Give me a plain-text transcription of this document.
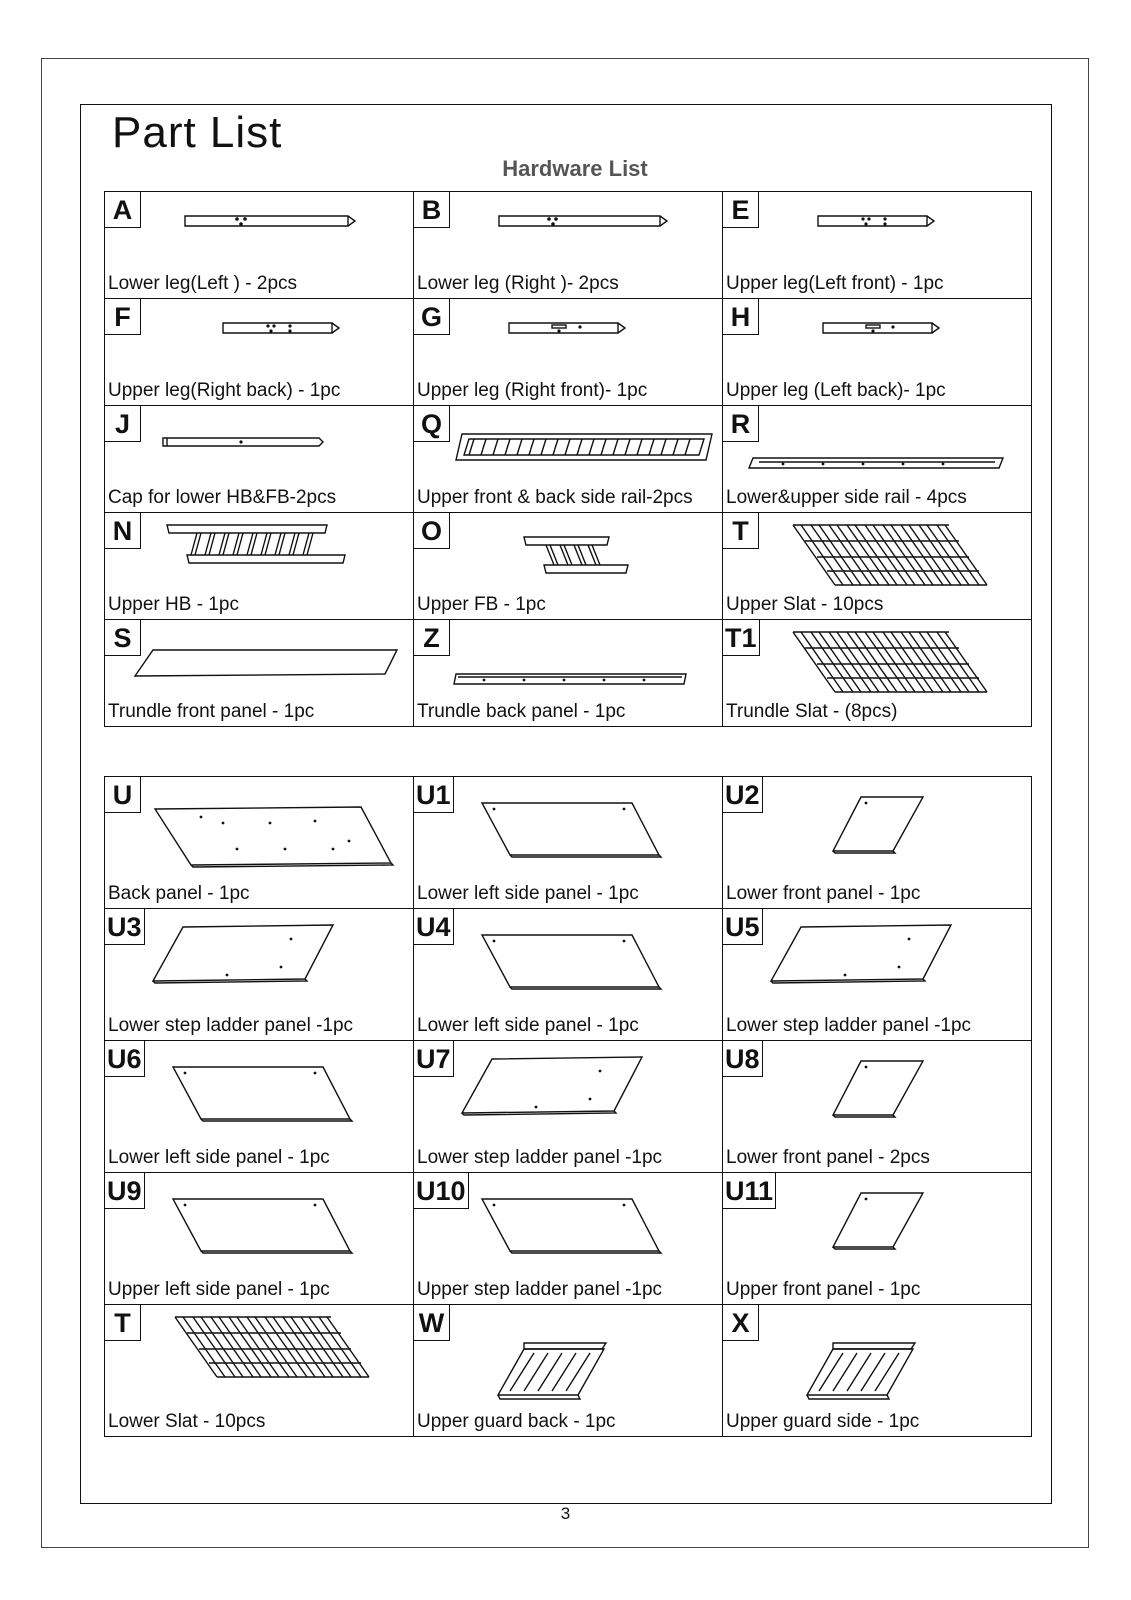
Part List
Hardware List
A
Lower leg(Left ) - 2pcs
B
Lower leg (Right )- 2pcs
E
Upper leg(Left front) - 1pc
F
Upper leg(Right back) - 1pc
G
Upper leg (Right front)- 1pc
H
Upper leg (Left back)- 1pc
J
Cap for lower HB&FB-2pcs
Q
Upper front & back side rail-2pcs
R
Lower&upper side rail - 4pcs
N
Upper HB - 1pc
O
Upper FB - 1pc
T
Upper Slat - 10pcs
S
Trundle front panel - 1pc
Z
Trundle back panel - 1pc
T1
Trundle Slat - (8pcs)
U
Back panel - 1pc
U1
Lower left side panel - 1pc
U2
Lower front panel - 1pc
U3
Lower step ladder panel -1pc
U4
Lower left side panel - 1pc
U5
Lower step ladder panel -1pc
U6
Lower left side panel - 1pc
U7
Lower step ladder panel -1pc
U8
Lower front panel - 2pcs
U9
Upper left side panel - 1pc
U10
Upper step ladder panel -1pc
U11
Upper front panel - 1pc
T
Lower Slat - 10pcs
W
Upper guard back - 1pc
X
Upper guard side - 1pc
3
